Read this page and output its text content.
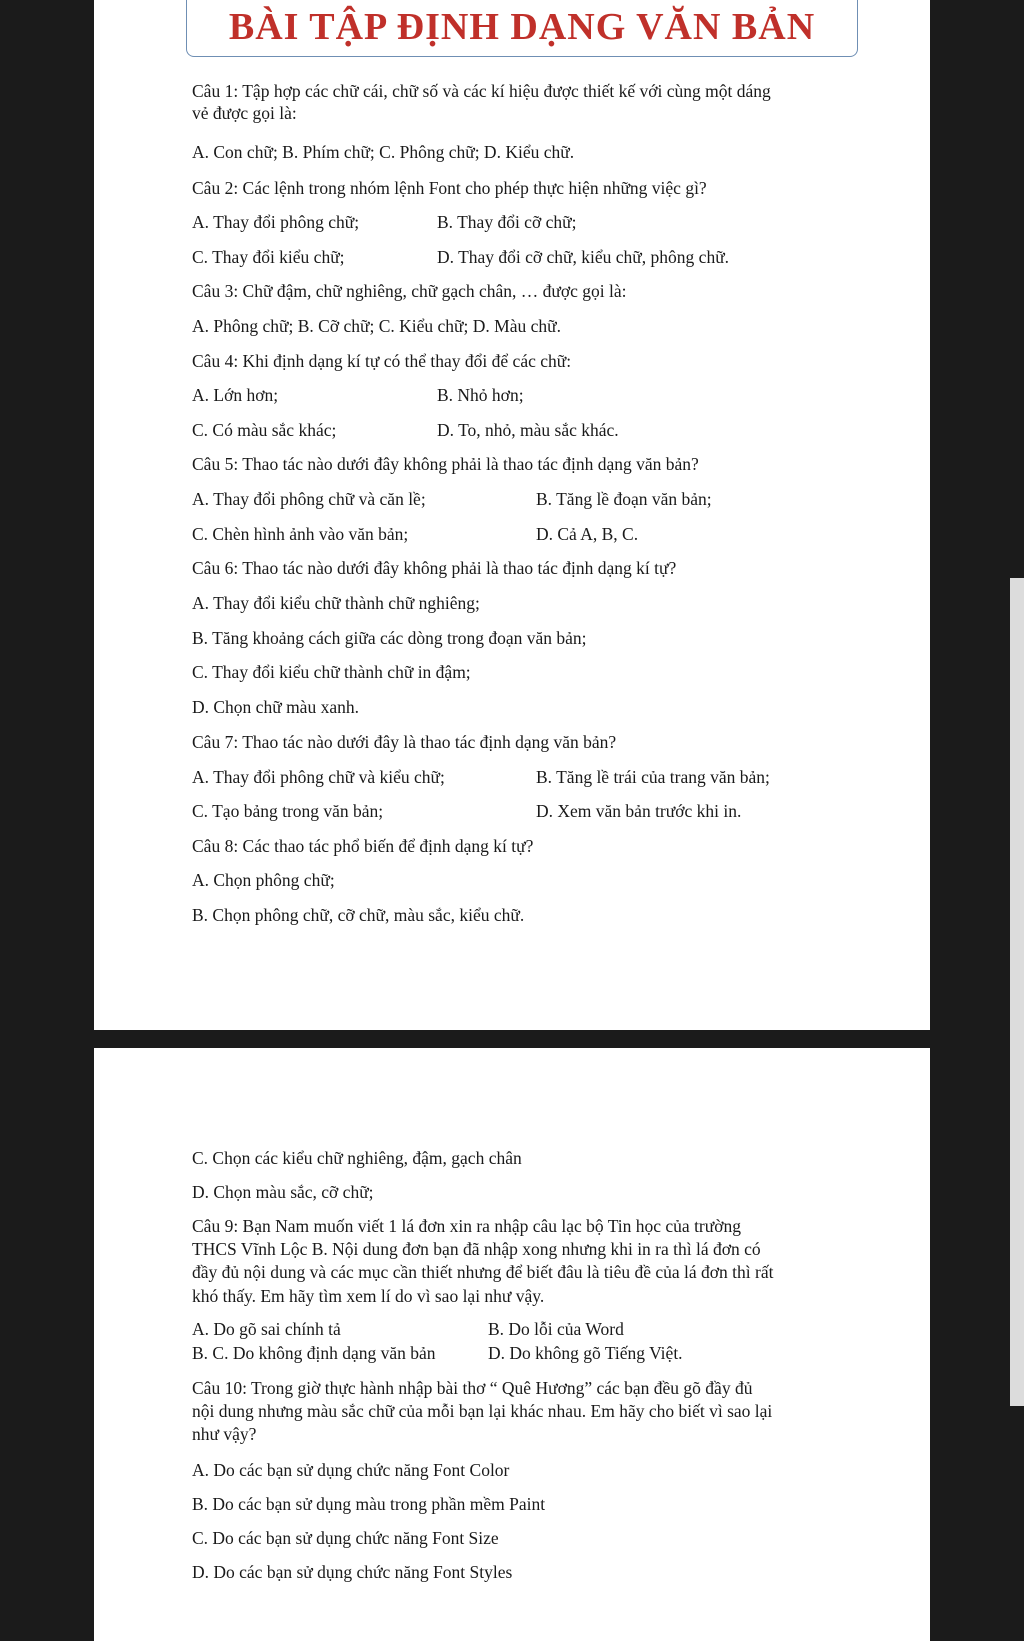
BÀI TẬP ĐỊNH DẠNG VĂN BẢN
Câu 1: Tập hợp các chữ cái, chữ số và các kí hiệu được thiết kế với cùng một dáng
vẻ được gọi là:
A. Con chữ; B. Phím chữ; C. Phông chữ; D. Kiểu chữ.
Câu 2: Các lệnh trong nhóm lệnh Font cho phép thực hiện những việc gì?
A. Thay đổi phông chữ;	B. Thay đổi cỡ chữ;
C. Thay đổi kiểu chữ;	D. Thay đổi cỡ chữ, kiểu chữ, phông chữ.
Câu 3: Chữ đậm, chữ nghiêng, chữ gạch chân, … được gọi là:
A. Phông chữ; B. Cỡ chữ; C. Kiểu chữ; D. Màu chữ.
Câu 4: Khi định dạng kí tự có thể thay đổi để các chữ:
A. Lớn hơn;	B. Nhỏ hơn;
C. Có màu sắc khác;	D. To, nhỏ, màu sắc khác.
Câu 5: Thao tác nào dưới đây không phải là thao tác định dạng văn bản?
A. Thay đổi phông chữ và căn lề;	B. Tăng lề đoạn văn bản;
C. Chèn hình ảnh vào văn bản;	D. Cả A, B, C.
Câu 6: Thao tác nào dưới đây không phải là thao tác định dạng kí tự?
A. Thay đổi kiểu chữ thành chữ nghiêng;
B. Tăng khoảng cách giữa các dòng trong đoạn văn bản;
C. Thay đổi kiểu chữ thành chữ in đậm;
D. Chọn chữ màu xanh.
Câu 7: Thao tác nào dưới đây là thao tác định dạng văn bản?
A. Thay đổi phông chữ và kiểu chữ;	B. Tăng lề trái của trang văn bản;
C. Tạo bảng trong văn bản;	D. Xem văn bản trước khi in.
Câu 8: Các thao tác phổ biến để định dạng kí tự?
A. Chọn phông chữ;
B. Chọn phông chữ, cỡ chữ, màu sắc, kiểu chữ.
C. Chọn các kiểu chữ nghiêng, đậm, gạch chân
D. Chọn màu sắc, cỡ chữ;
Câu 9: Bạn Nam muốn viết 1 lá đơn xin ra nhập câu lạc bộ Tin học của trường
THCS Vĩnh Lộc B. Nội dung đơn bạn đã nhập xong nhưng khi in ra thì lá đơn có
đầy đủ nội dung và các mục cần thiết nhưng để biết đâu là tiêu đề của lá đơn thì rất
khó thấy. Em hãy tìm xem lí do vì sao lại như vậy.
A. Do gõ sai chính tả	B. Do lỗi của Word
B. C. Do không định dạng văn bản	D. Do không gõ Tiếng Việt.
Câu 10: Trong giờ thực hành nhập bài thơ “ Quê Hương” các bạn đều gõ đầy đủ
nội dung nhưng màu sắc chữ của mỗi bạn lại khác nhau. Em hãy cho biết vì sao lại
như vậy?
A. Do các bạn sử dụng chức năng Font Color
B. Do các bạn sử dụng màu trong phần mềm Paint
C. Do các bạn sử dụng chức năng Font Size
D. Do các bạn sử dụng chức năng Font Styles
